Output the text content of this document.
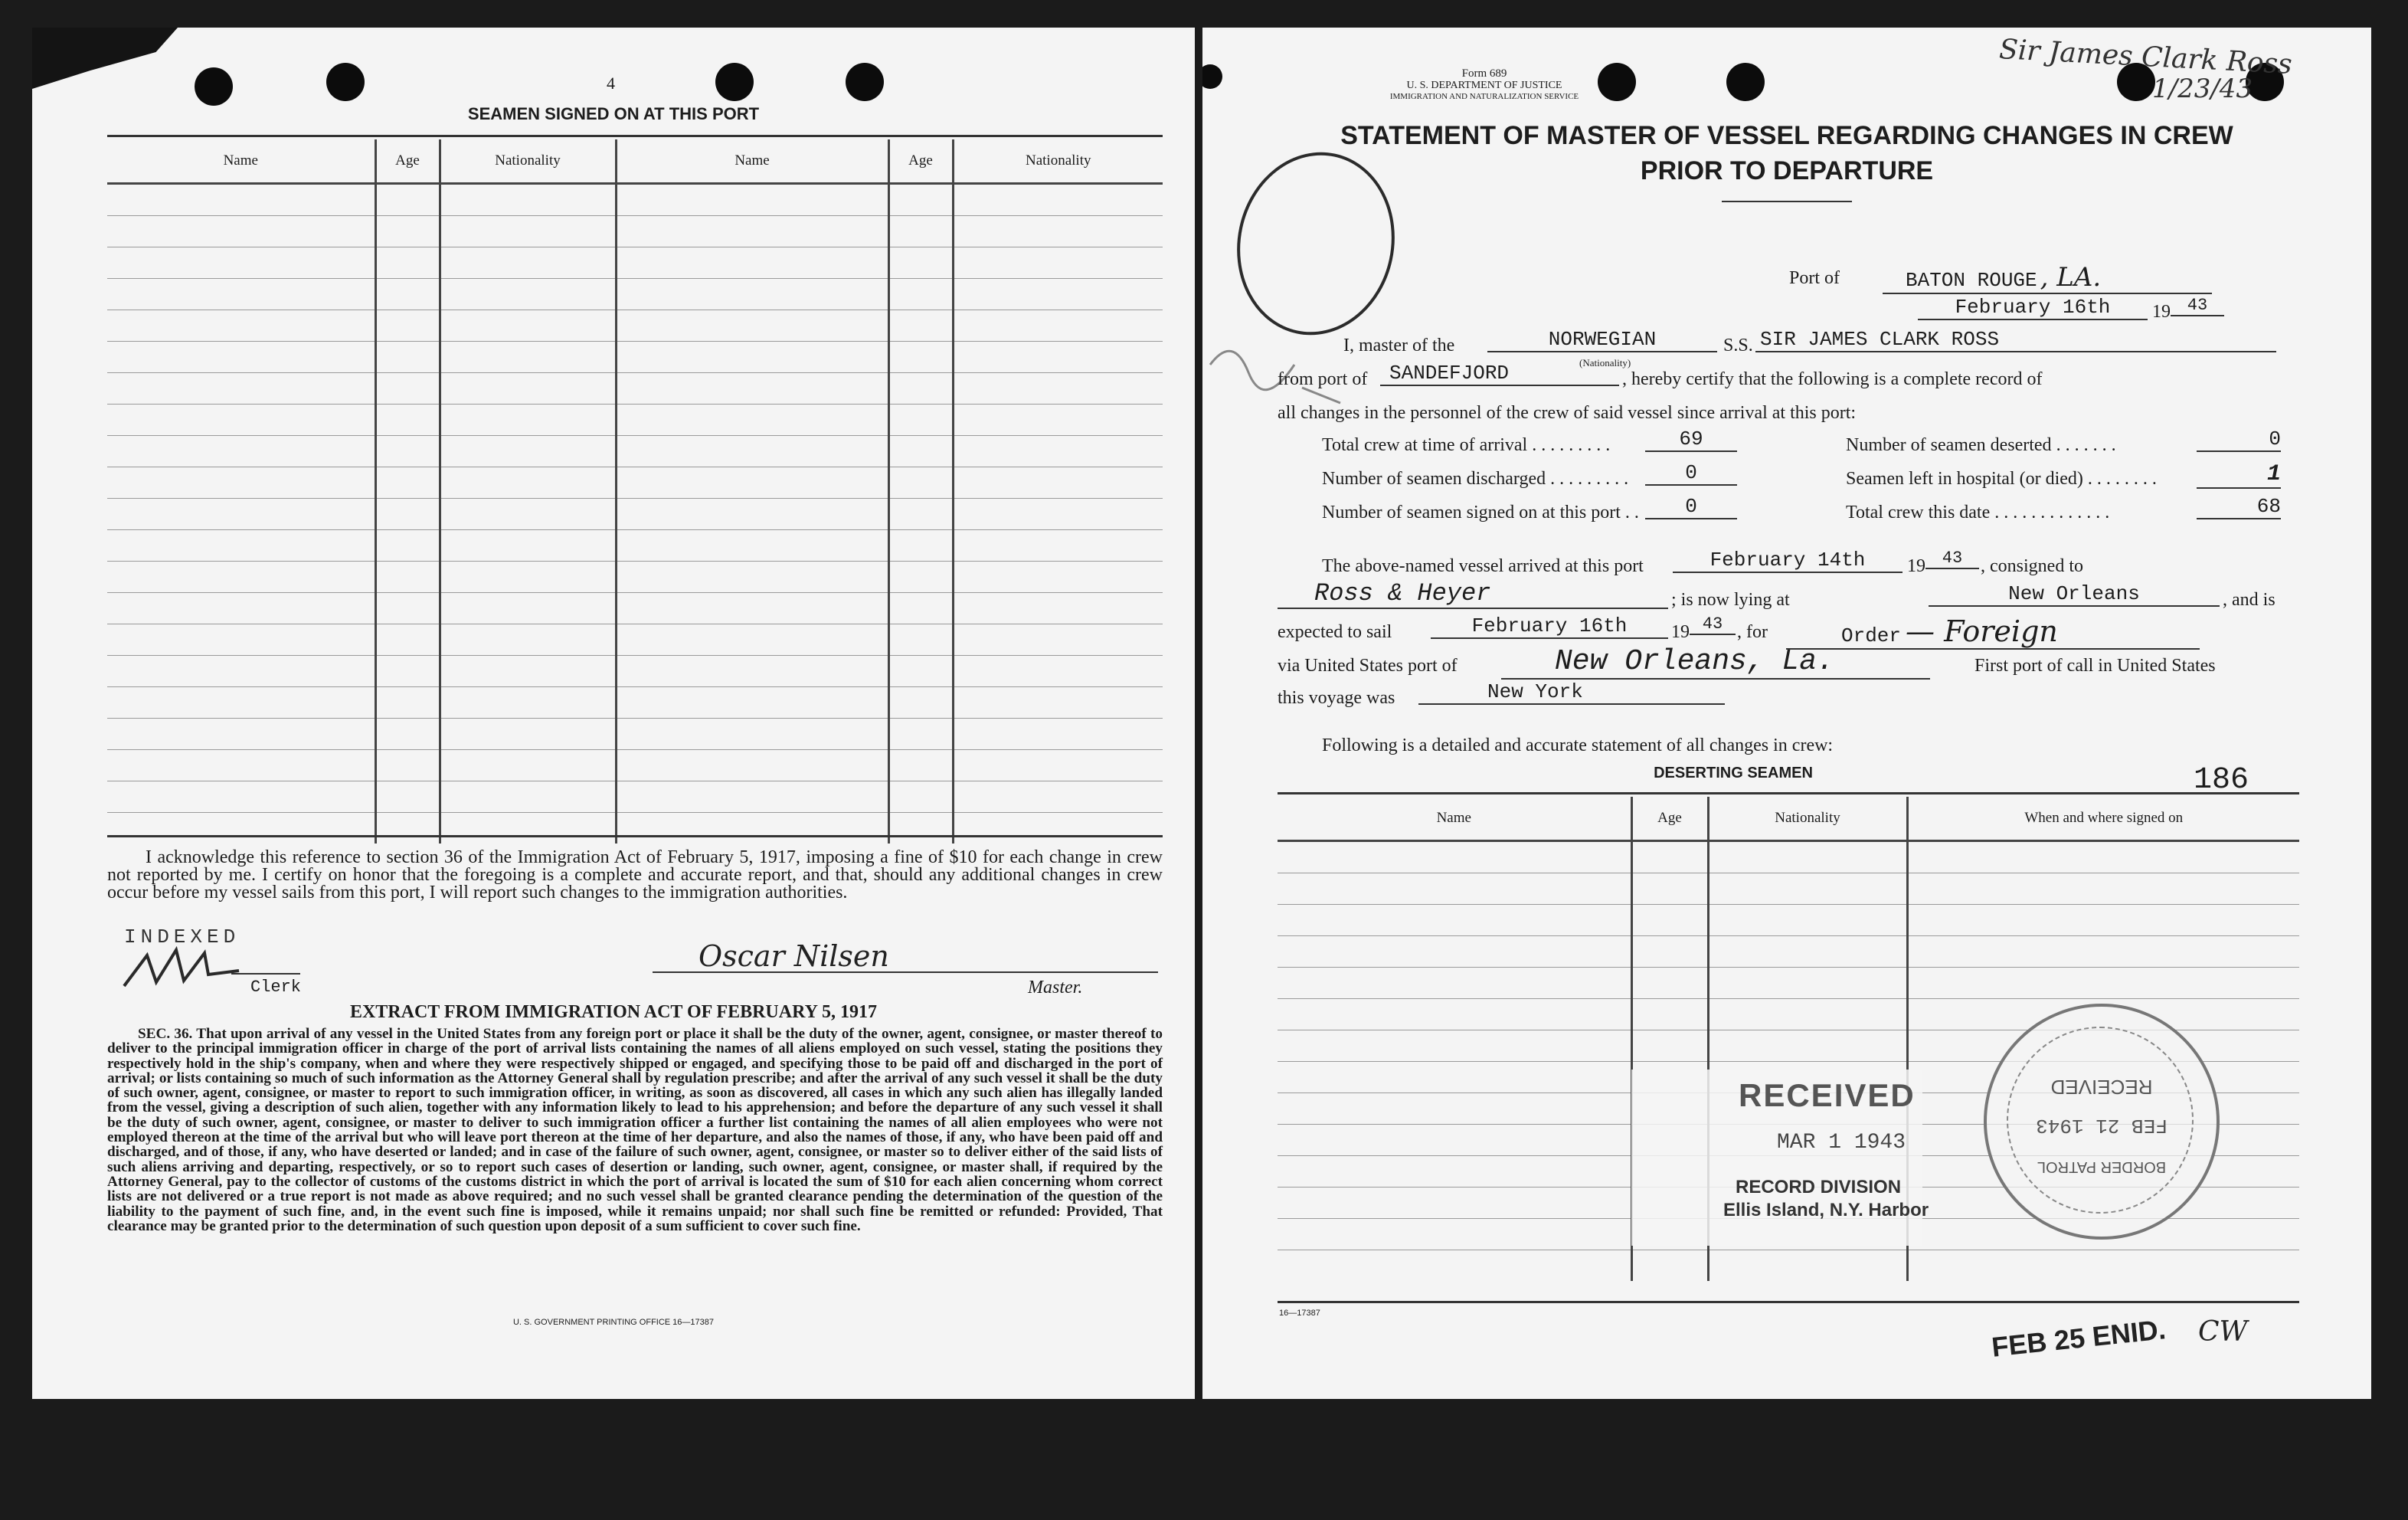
4
SEAMEN SIGNED ON AT THIS PORT
Name	Age	Nationality	Name	Age	Nationality

I acknowledge this reference to section 36 of the Immigration Act of February 5, 1917, imposing a fine of $10 for each change in crew not reported by me. I certify on honor that the foregoing is a complete and accurate report, and that, should any additional changes in crew occur before my vessel sails from this port, I will report such changes to the immigration authorities.
INDEXED
Clerk
Oscar Nilsen
Master.
EXTRACT FROM IMMIGRATION ACT OF FEBRUARY 5, 1917
SEC. 36. That upon arrival of any vessel in the United States from any foreign port or place it shall be the duty of the owner, agent, consignee, or master thereof to deliver to the principal immigration officer in charge of the port of arrival lists containing the names of all aliens employed on such vessel, stating the positions they respectively hold in the ship's company, when and where they were respectively shipped or engaged, and specifying those to be paid off and discharged in the port of arrival; or lists containing so much of such information as the Attorney General shall by regulation prescribe; and after the arrival of any such vessel it shall be the duty of such owner, agent, consignee, or master to report to such immigration officer, in writing, as soon as discovered, all cases in which any such alien has illegally landed from the vessel, giving a description of such alien, together with any information likely to lead to his apprehension; and before the departure of any such vessel it shall be the duty of such owner, agent, consignee, or master to deliver to such immigration officer a further list containing the names of all alien employees who were not employed thereon at the time of the arrival but who will leave port thereon at the time of her departure, and also the names of those, if any, who have been paid off and discharged, and of those, if any, who have deserted or landed; and in case of the failure of such owner, agent, consignee, or master so to deliver either of the said lists of such aliens arriving and departing, respectively, or so to report such cases of desertion or landing, such owner, agent, consignee, or master shall, if required by the Attorney General, pay to the collector of customs of the customs district in which the port of arrival is located the sum of $10 for each alien concerning whom correct lists are not delivered or a true report is not made as above required; and no such vessel shall be granted clearance pending the determination of the question of the liability to the payment of such fine, and, in the event such fine is imposed, while it remains unpaid; nor shall such fine be remitted or refunded: Provided, That clearance may be granted prior to the determination of such question upon deposit of a sum sufficient to cover such fine.
U. S. GOVERNMENT PRINTING OFFICE 16—17387
Form 689
U. S. DEPARTMENT OF JUSTICE
IMMIGRATION AND NATURALIZATION SERVICE
Sir James Clark Ross
1/23/43
STATEMENT OF MASTER OF VESSEL REGARDING CHANGES IN CREW
PRIOR TO DEPARTURE
Port of	BATON ROUGE , LA.
February 16th	19 43
I, master of the	NORWEGIAN
(Nationality)
S.S. SIR JAMES CLARK ROSS
from port of	SANDEFJORD	, hereby certify that the following is a complete record of
all changes in the personnel of the crew of said vessel since arrival at this port:
Total crew at time of arrival . . . . . . . . .	69
Number of seamen discharged . . . . . . . . .	0
Number of seamen signed on at this port . .	0
Number of seamen deserted . . . . . . .	0
Seamen left in hospital (or died) . . . . . . . .	1
Total crew this date . . . . . . . . . . . . .	68
The above-named vessel arrived at this port	February 14th	19 43 , consigned to
Ross & Heyer	; is now lying at	New Orleans	, and is
expected to sail	February 16th	19 43 , for	Order — Foreign
via United States port of	New Orleans, La.	First port of call in United States
this voyage was	New York
Following is a detailed and accurate statement of all changes in crew:
DESERTING SEAMEN	186
Name	Age	Nationality	When and where signed on

16—17387
RECEIVED
MAR 1 1943
RECORD DIVISION
Ellis Island, N.Y. Harbor
BORDER PATROL
FEB 21 1943
RECEIVED
FEB 25 ENID. CW
